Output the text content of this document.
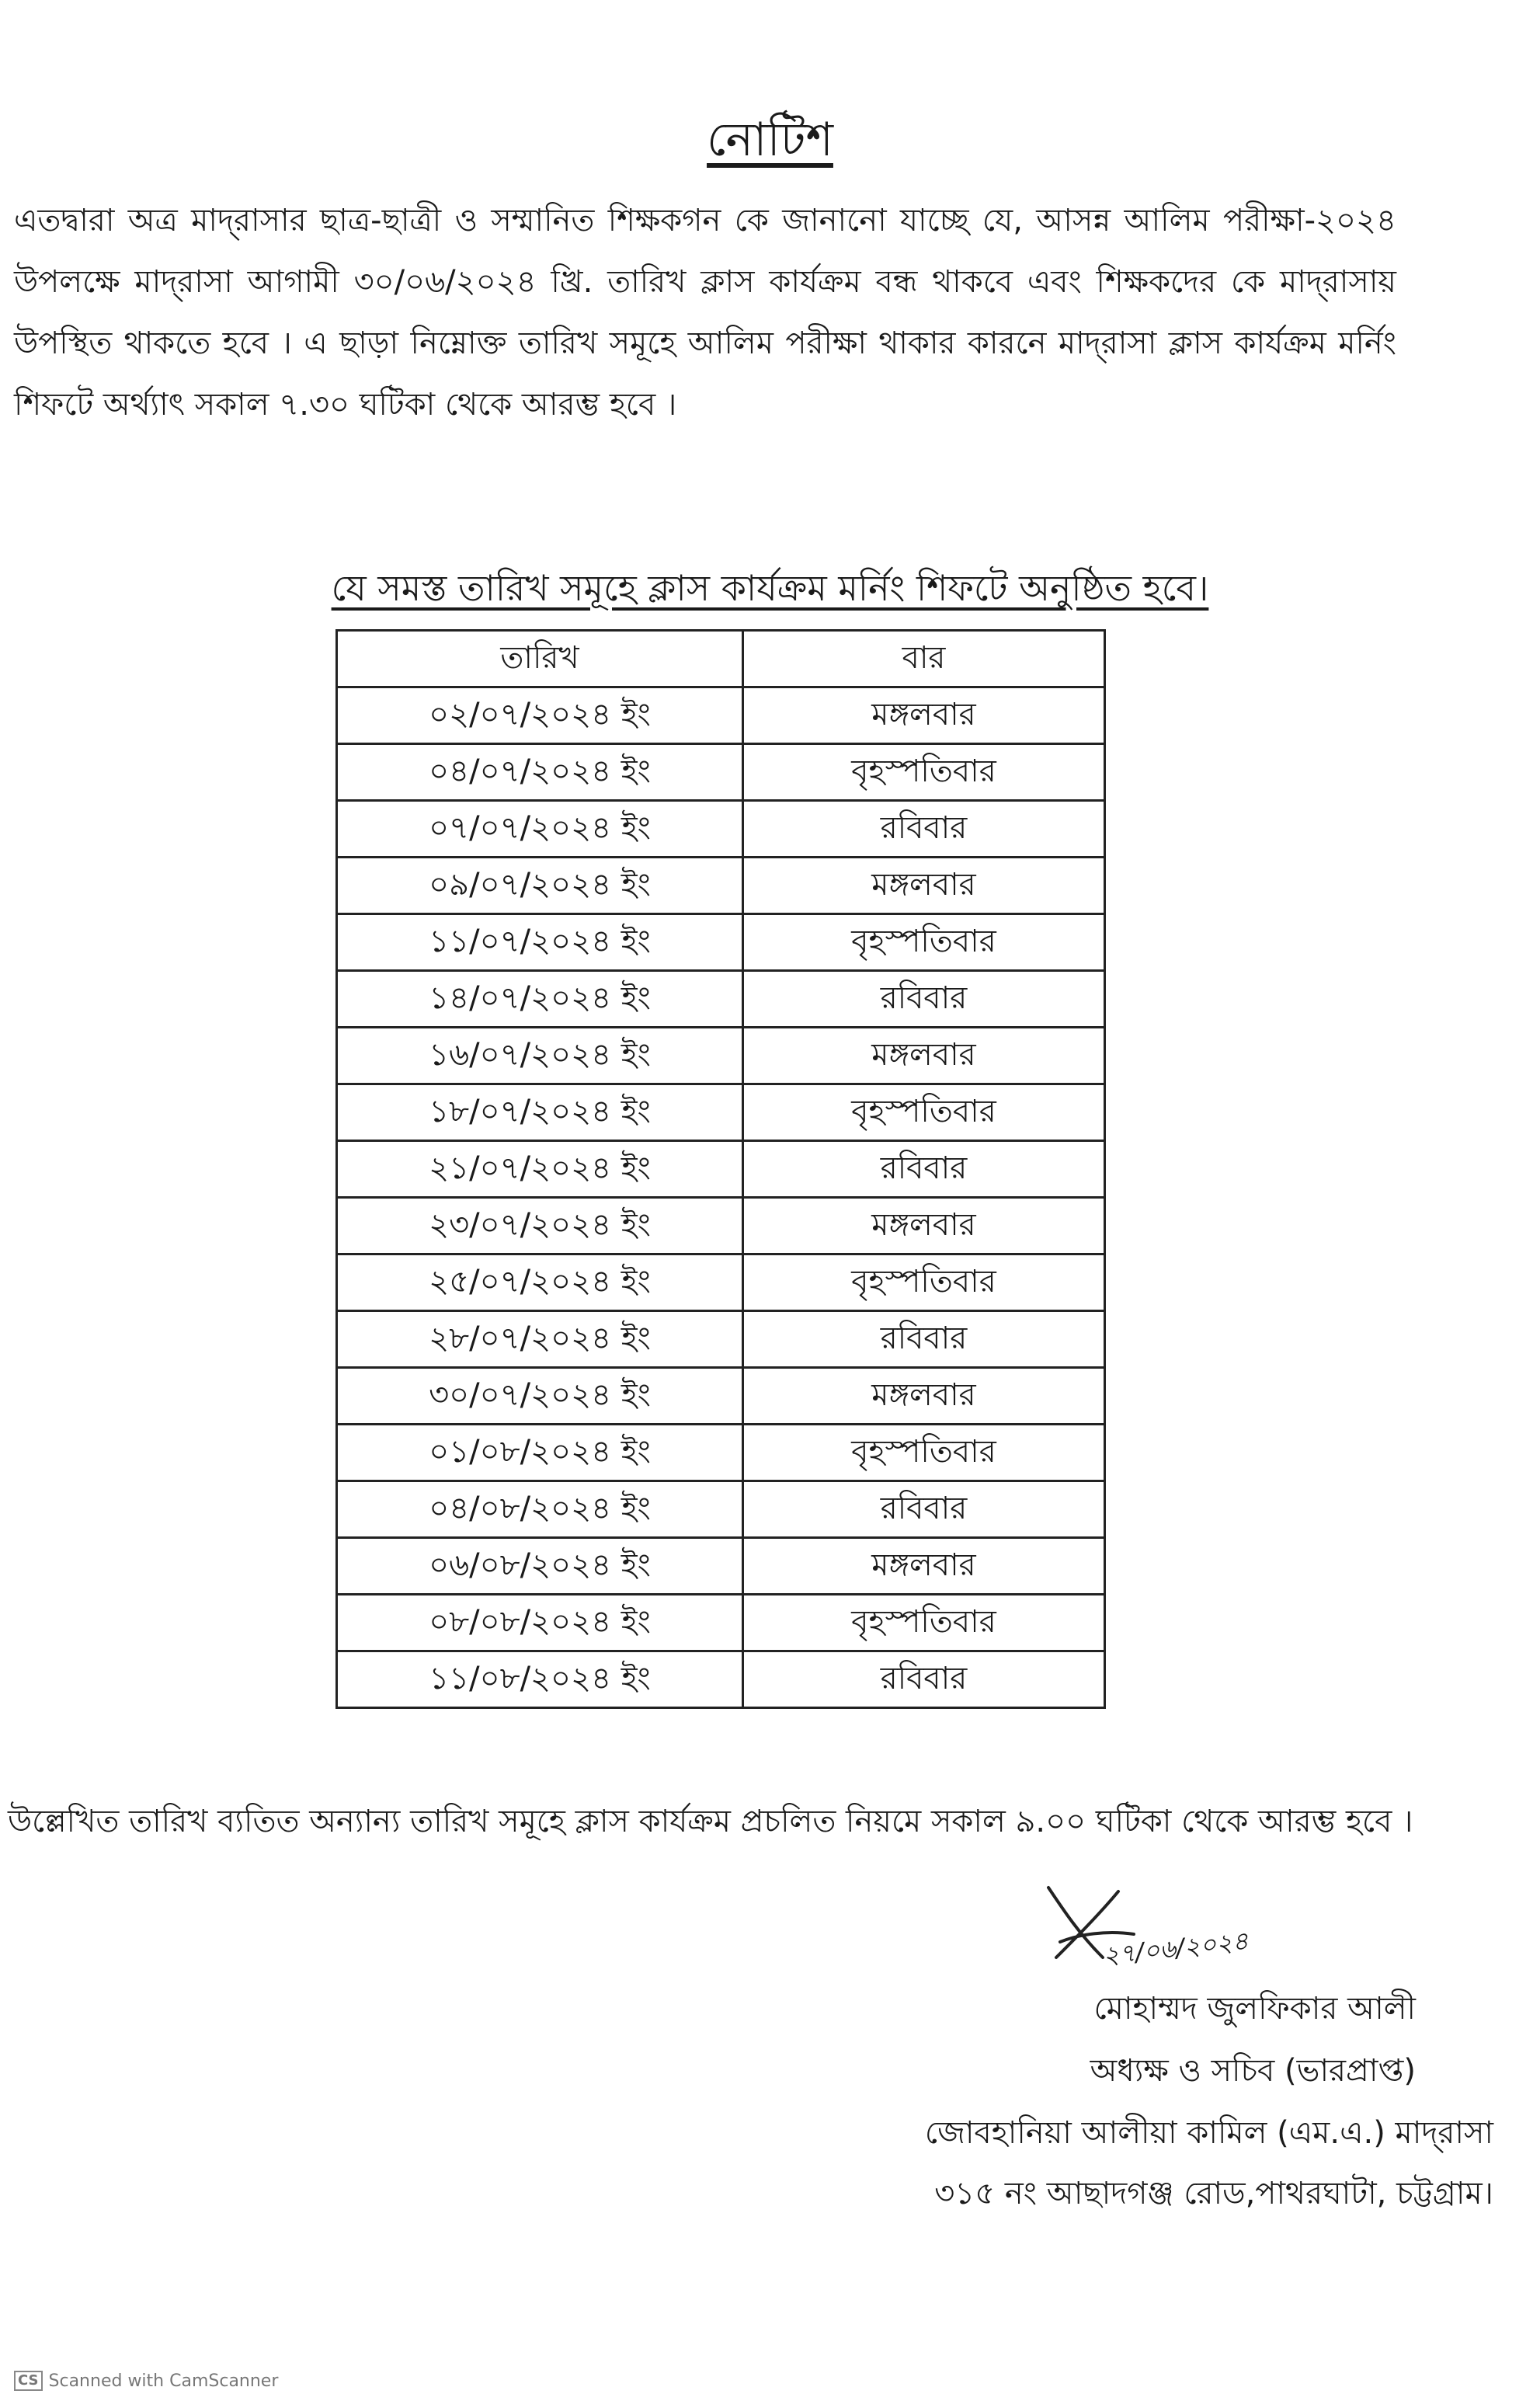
নোটিশ
এতদ্বারা অত্র মাদ্‌রাসার ছাত্র-ছাত্রী ও সম্মানিত শিক্ষকগন কে জানানো যাচ্ছে যে, আসন্ন আলিম পরীক্ষা-২০২৪ উপলক্ষে মাদ্‌রাসা আগামী ৩০/০৬/২০২৪ খ্রি. তারিখ ক্লাস কার্যক্রম বন্ধ থাকবে এবং শিক্ষকদের কে মাদ্‌রাসায় উপস্থিত থাকতে হবে । এ ছাড়া নিম্নোক্ত তারিখ সমূহে আলিম পরীক্ষা থাকার কারনে মাদ্‌রাসা ক্লাস কার্যক্রম মর্নিং শিফটে অর্থ্যাৎ সকাল ৭.৩০ ঘটিকা থেকে আরম্ভ হবে ।
যে সমস্ত তারিখ সমূহে ক্লাস কার্যক্রম মর্নিং শিফটে অনুষ্ঠিত হবে।
তারিখ	বার
০২/০৭/২০২৪ ইং	মঙ্গলবার
০৪/০৭/২০২৪ ইং	বৃহস্পতিবার
০৭/০৭/২০২৪ ইং	রবিবার
০৯/০৭/২০২৪ ইং	মঙ্গলবার
১১/০৭/২০২৪ ইং	বৃহস্পতিবার
১৪/০৭/২০২৪ ইং	রবিবার
১৬/০৭/২০২৪ ইং	মঙ্গলবার
১৮/০৭/২০২৪ ইং	বৃহস্পতিবার
২১/০৭/২০২৪ ইং	রবিবার
২৩/০৭/২০২৪ ইং	মঙ্গলবার
২৫/০৭/২০২৪ ইং	বৃহস্পতিবার
২৮/০৭/২০২৪ ইং	রবিবার
৩০/০৭/২০২৪ ইং	মঙ্গলবার
০১/০৮/২০২৪ ইং	বৃহস্পতিবার
০৪/০৮/২০২৪ ইং	রবিবার
০৬/০৮/২০২৪ ইং	মঙ্গলবার
০৮/০৮/২০২৪ ইং	বৃহস্পতিবার
১১/০৮/২০২৪ ইং	রবিবার
উল্লেখিত তারিখ ব্যতিত অন্যান্য তারিখ সমূহে ক্লাস কার্যক্রম প্রচলিত নিয়মে সকাল ৯.০০ ঘটিকা থেকে আরম্ভ হবে ।
২৭/০৬/২০২৪
মোহাম্মদ জুলফিকার আলী
অধ্যক্ষ ও সচিব (ভারপ্রাপ্ত)
জোবহানিয়া আলীয়া কামিল (এম.এ.) মাদ্‌রাসা
৩১৫ নং আছাদগঞ্জ রোড,পাথরঘাটা, চট্টগ্রাম।
CS Scanned with CamScanner
